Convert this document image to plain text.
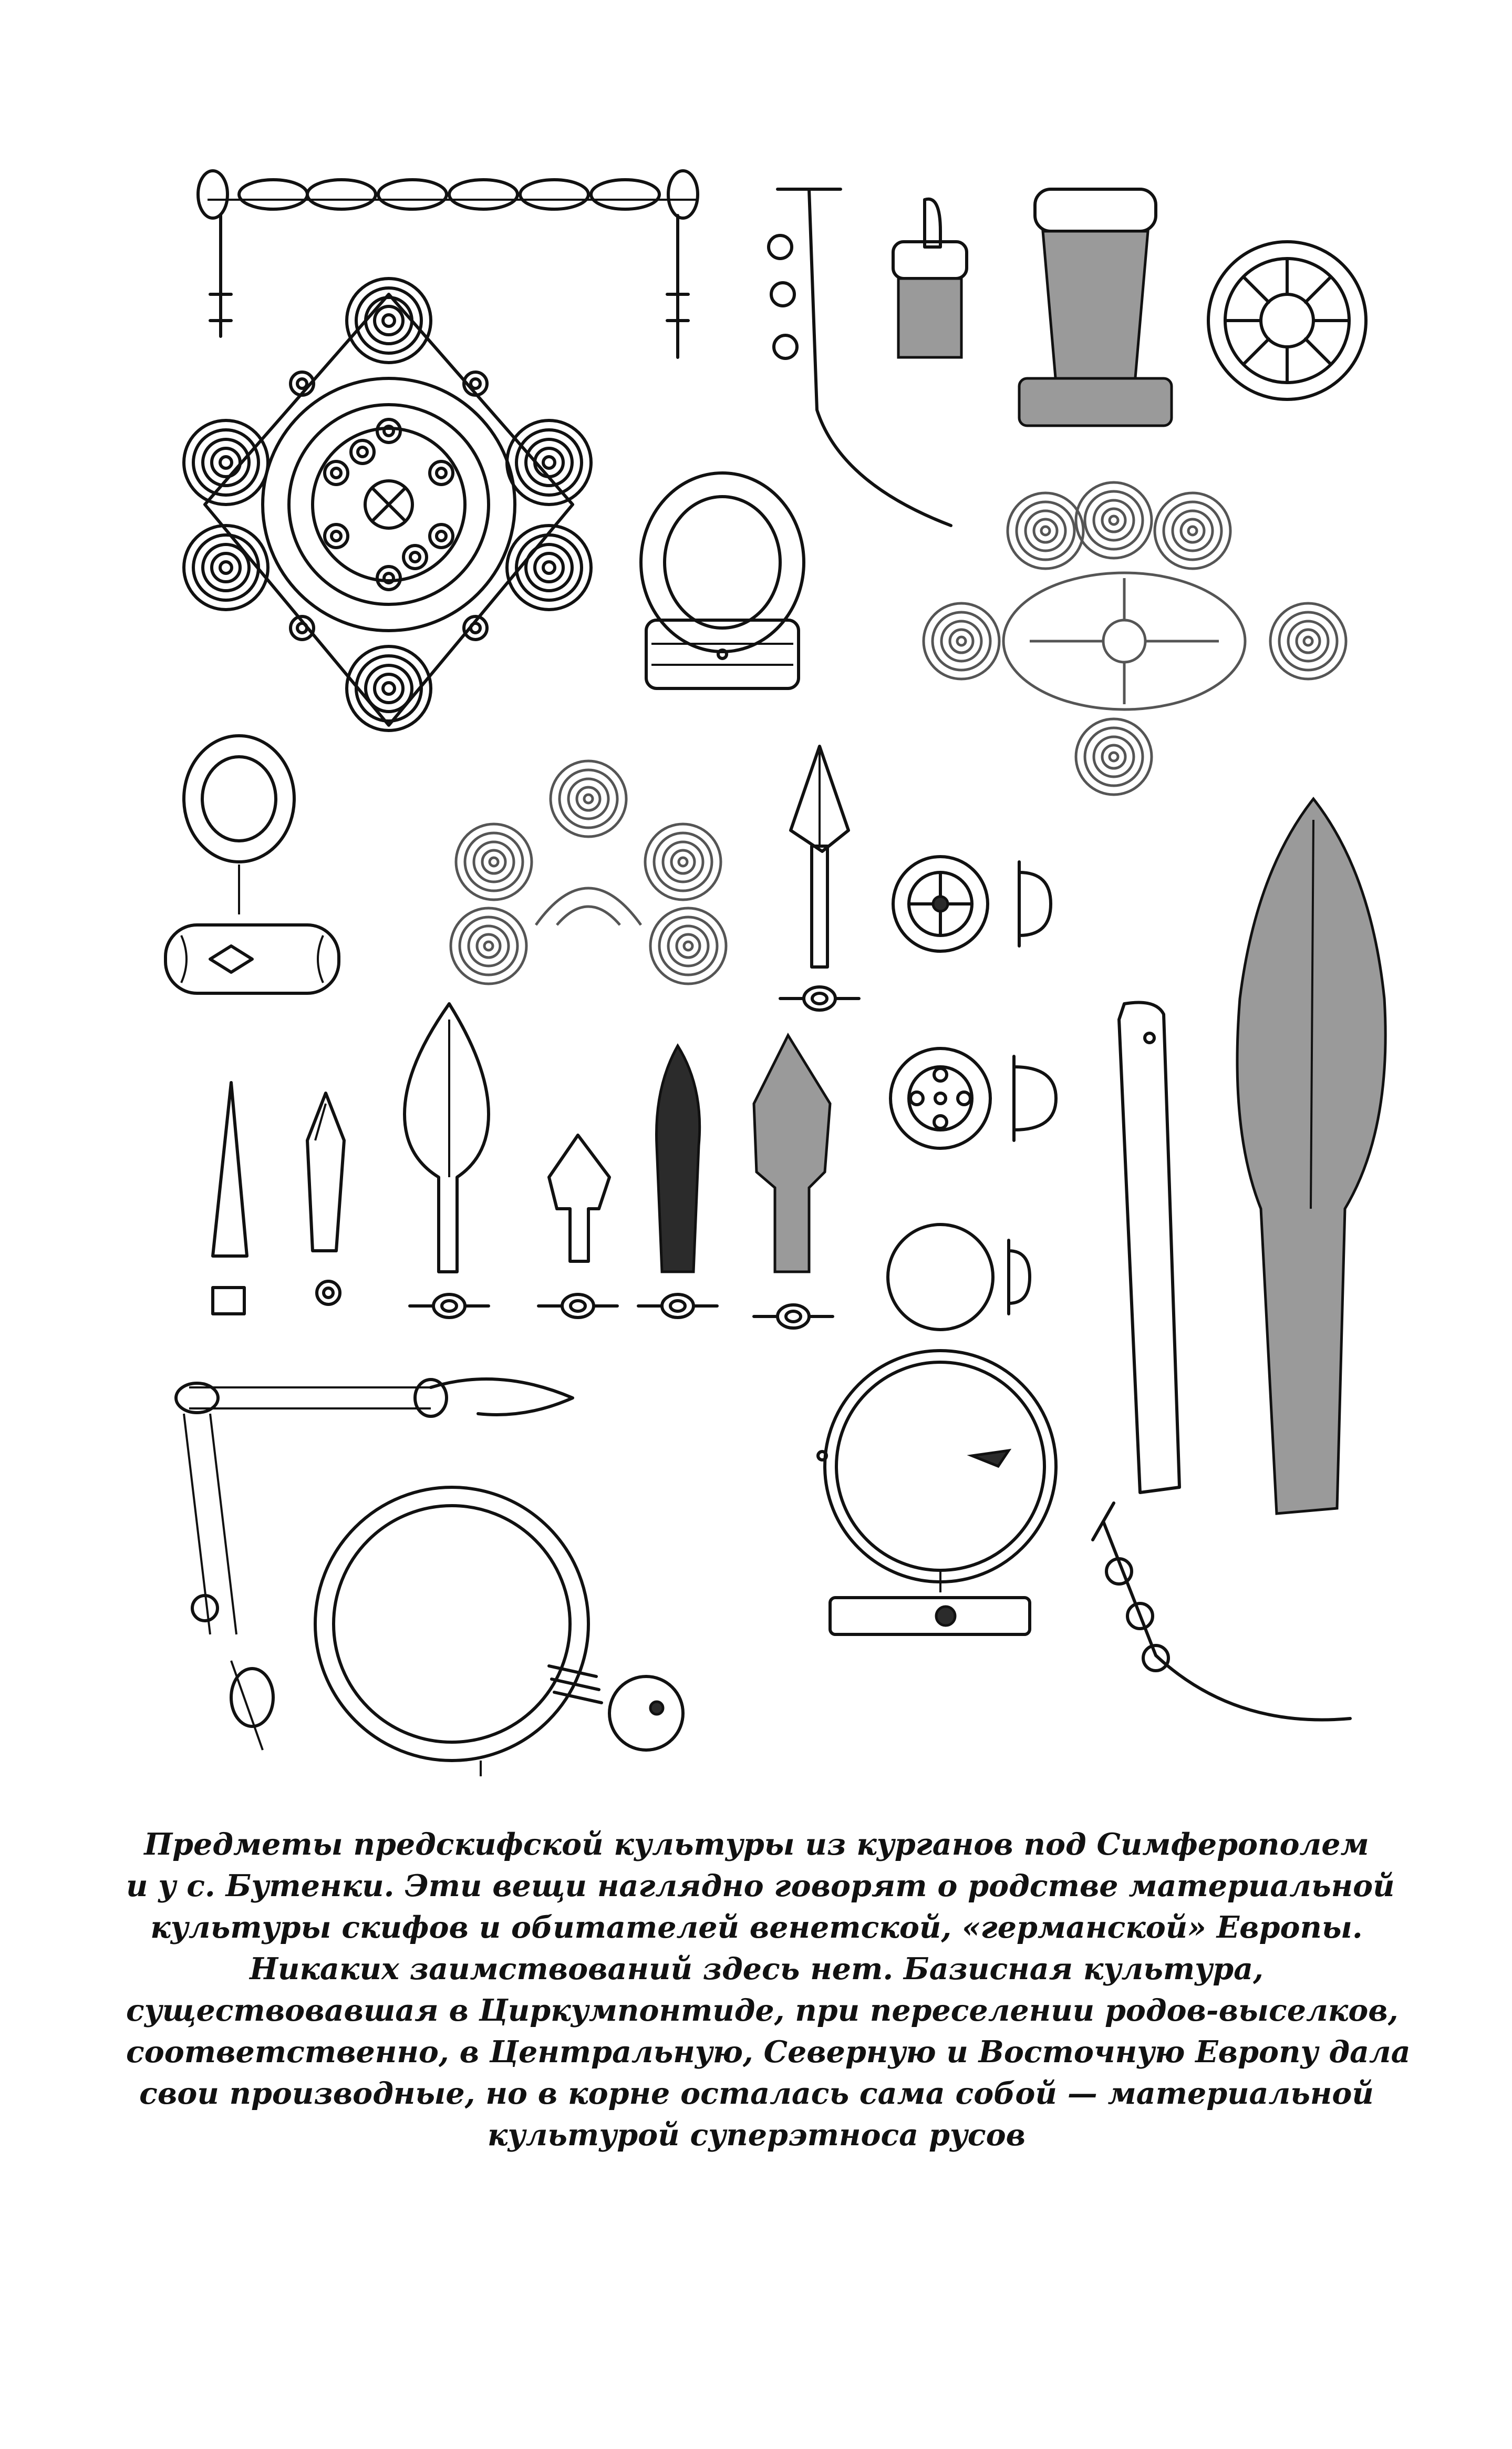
Предметы предскифской культуры из курганов под Симферополем
и у с. Бутенки. Эти вещи наглядно говорят о родстве материальной
культуры скифов и обитателей венетской, «германской» Европы.
Никаких заимствований здесь нет. Базисная культура,
существовавшая в Циркумпонтиде, при переселении родов-выселков,
соответственно, в Центральную, Северную и Восточную Европу дала
свои производные, но в корне осталась сама собой — материальной
культурой суперэтноса русов
